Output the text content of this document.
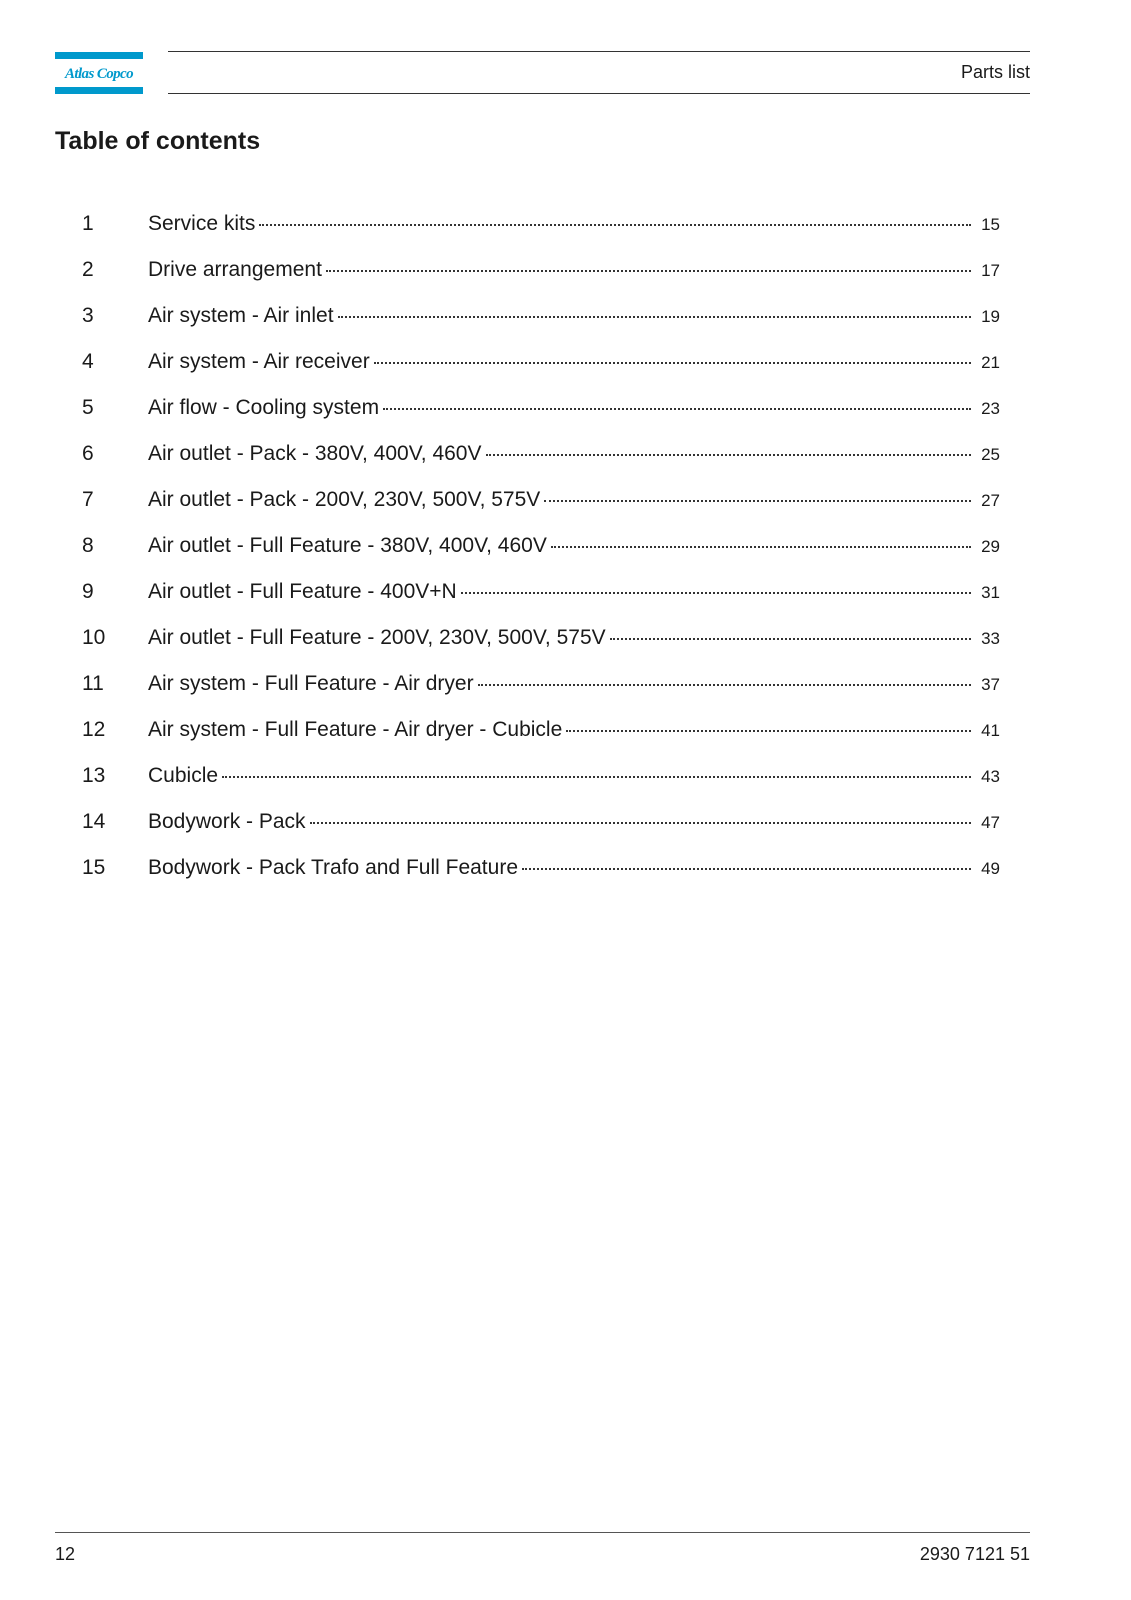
Atlas Copco	Parts list
Table of contents
1	Service kits	15
2	Drive arrangement	17
3	Air system - Air inlet	19
4	Air system - Air receiver	21
5	Air flow - Cooling system	23
6	Air outlet - Pack - 380V, 400V, 460V	25
7	Air outlet - Pack - 200V, 230V, 500V, 575V	27
8	Air outlet - Full Feature - 380V, 400V, 460V	29
9	Air outlet - Full Feature - 400V+N	31
10	Air outlet - Full Feature - 200V, 230V, 500V, 575V	33
11	Air system - Full Feature - Air dryer	37
12	Air system - Full Feature - Air dryer - Cubicle	41
13	Cubicle	43
14	Bodywork - Pack	47
15	Bodywork - Pack Trafo and Full Feature	49
12	2930 7121 51
